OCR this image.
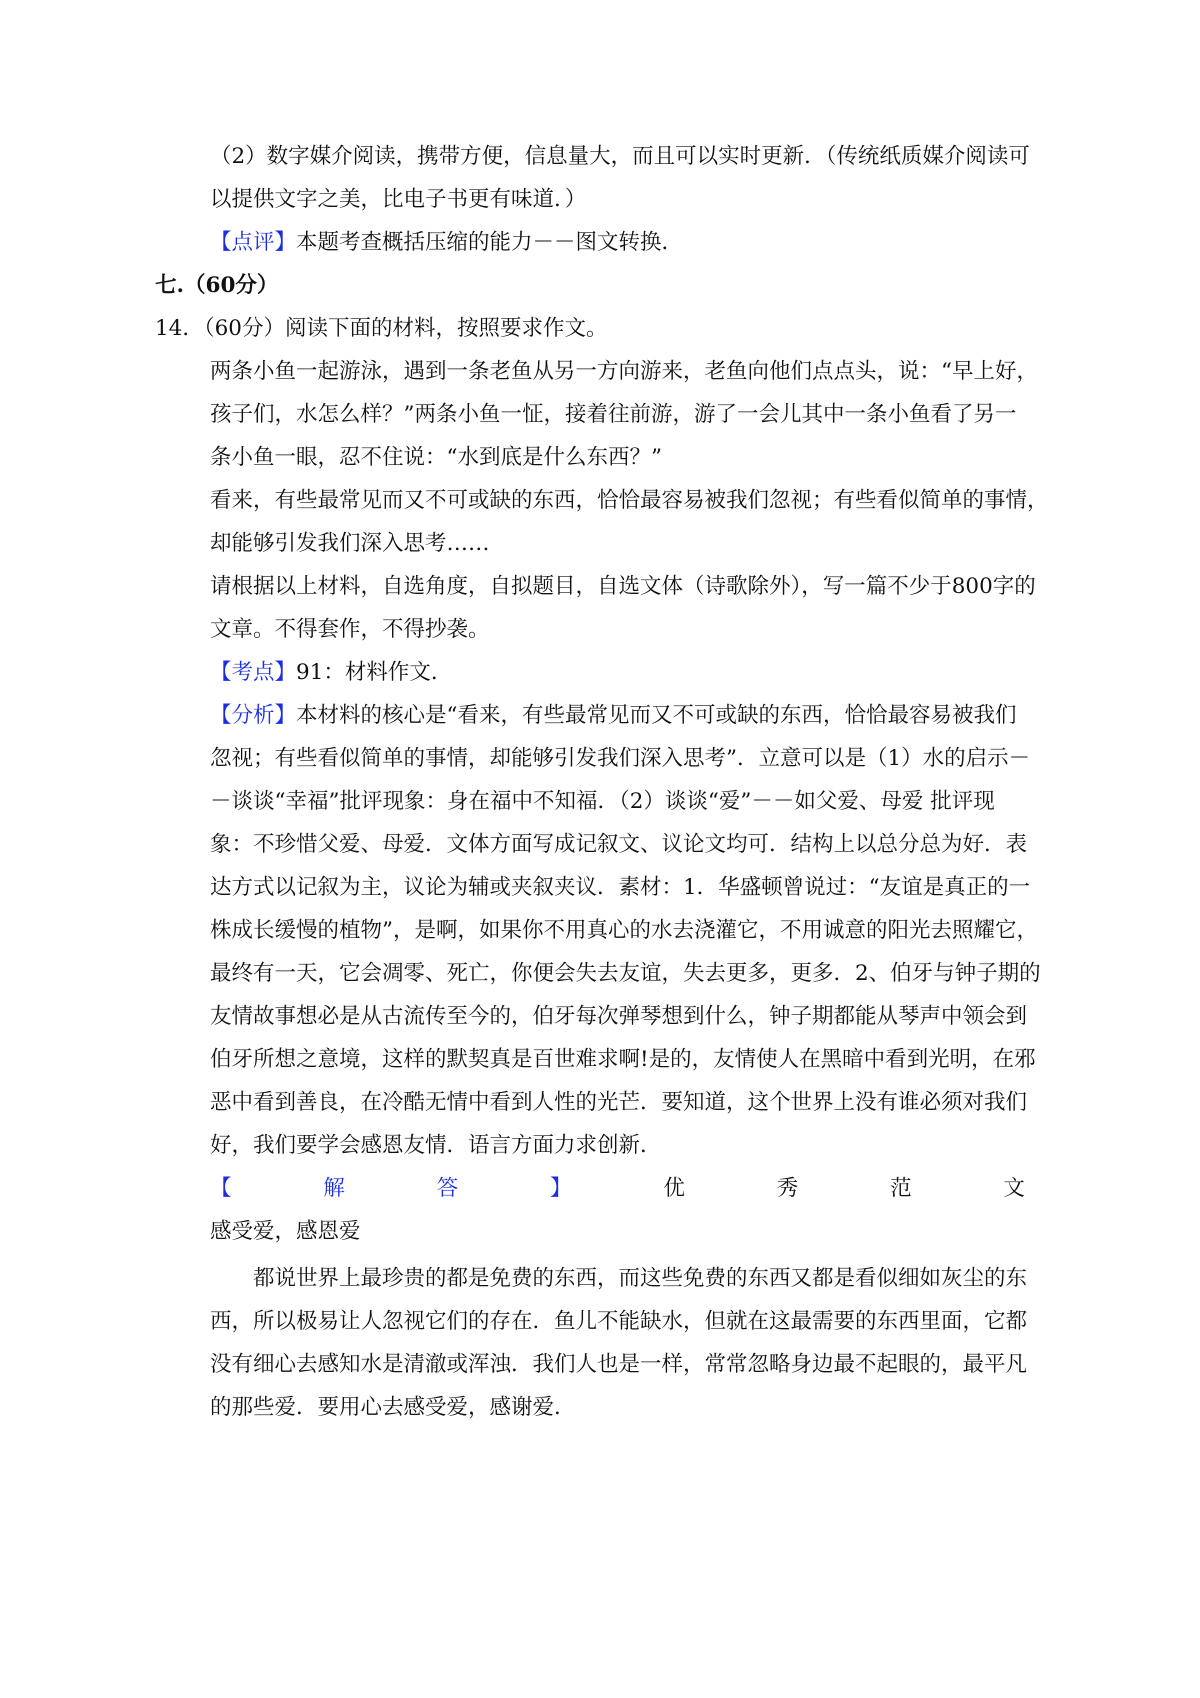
（2）数字媒介阅读，携带方便，信息量大，而且可以实时更新．（传统纸质媒介阅读可
以提供文字之美，比电子书更有味道．）
【点评】本题考查概括压缩的能力－－图文转换．
七.（60分）
14．（60分）阅读下面的材料，按照要求作文。
两条小鱼一起游泳，遇到一条老鱼从另一方向游来，老鱼向他们点点头，说：“早上好，
孩子们，水怎么样？”两条小鱼一怔，接着往前游，游了一会儿其中一条小鱼看了另一
条小鱼一眼，忍不住说：“水到底是什么东西？”
看来，有些最常见而又不可或缺的东西，恰恰最容易被我们忽视；有些看似简单的事情，
却能够引发我们深入思考……
请根据以上材料，自选角度，自拟题目，自选文体（诗歌除外），写一篇不少于800字的
文章。不得套作，不得抄袭。
【考点】91：材料作文．
【分析】本材料的核心是“看来，有些最常见而又不可或缺的东西，恰恰最容易被我们
忽视；有些看似简单的事情，却能够引发我们深入思考”．立意可以是（1）水的启示－
－谈谈“幸福”批评现象：身在福中不知福．（2）谈谈“爱”－－如父爱、母爱 批评现
象：不珍惜父爱、母爱．文体方面写成记叙文、议论文均可．结构上以总分总为好．表
达方式以记叙为主，议论为辅或夹叙夹议．素材：1．华盛顿曾说过：“友谊是真正的一
株成长缓慢的植物”，是啊，如果你不用真心的水去浇灌它，不用诚意的阳光去照耀它，
最终有一天，它会凋零、死亡，你便会失去友谊，失去更多，更多．2、伯牙与钟子期的
友情故事想必是从古流传至今的，伯牙每次弹琴想到什么，钟子期都能从琴声中领会到
伯牙所想之意境，这样的默契真是百世难求啊!是的，友情使人在黑暗中看到光明，在邪
恶中看到善良，在冷酷无情中看到人性的光芒．要知道，这个世界上没有谁必须对我们
好，我们要学会感恩友情．语言方面力求创新．
【	解	答	】	优	秀	范	文
感受爱，感恩爱
都说世界上最珍贵的都是免费的东西，而这些免费的东西又都是看似细如灰尘的东
西，所以极易让人忽视它们的存在．鱼儿不能缺水，但就在这最需要的东西里面，它都
没有细心去感知水是清澈或浑浊．我们人也是一样，常常忽略身边最不起眼的，最平凡
的那些爱．要用心去感受爱，感谢爱．
